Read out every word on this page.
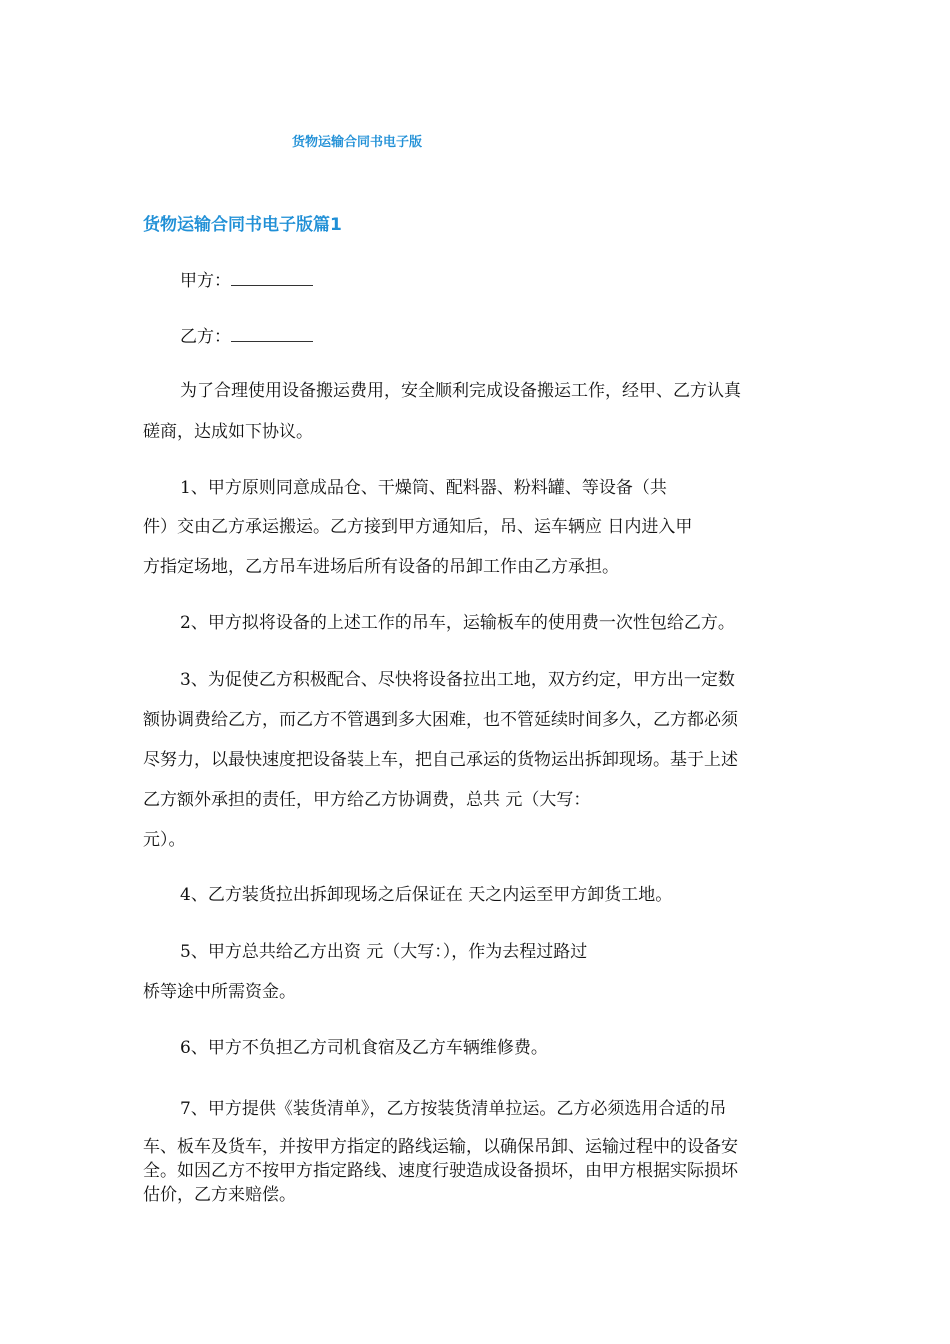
货物运输合同书电子版
货物运输合同书电子版篇1
甲方：
乙方：
为了合理使用设备搬运费用，安全顺利完成设备搬运工作，经甲、乙方认真
磋商，达成如下协议。
1、甲方原则同意成品仓、干燥筒、配料器、粉料罐、等设备（共
件）交由乙方承运搬运。乙方接到甲方通知后，吊、运车辆应 日内进入甲
方指定场地，乙方吊车进场后所有设备的吊卸工作由乙方承担。
2、甲方拟将设备的上述工作的吊车，运输板车的使用费一次性包给乙方。
3、为促使乙方积极配合、尽快将设备拉出工地，双方约定，甲方出一定数
额协调费给乙方，而乙方不管遇到多大困难，也不管延续时间多久，乙方都必须
尽努力，以最快速度把设备装上车，把自己承运的货物运出拆卸现场。基于上述
乙方额外承担的责任，甲方给乙方协调费，总共 元（大写：
元）。
4、乙方装货拉出拆卸现场之后保证在 天之内运至甲方卸货工地。
5、甲方总共给乙方出资 元（大写：），作为去程过路过
桥等途中所需资金。
6、甲方不负担乙方司机食宿及乙方车辆维修费。
7、甲方提供《装货清单》，乙方按装货清单拉运。乙方必须选用合适的吊
车、板车及货车，并按甲方指定的路线运输，以确保吊卸、运输过程中的设备安
全。如因乙方不按甲方指定路线、速度行驶造成设备损坏，由甲方根据实际损坏
估价，乙方来赔偿。
